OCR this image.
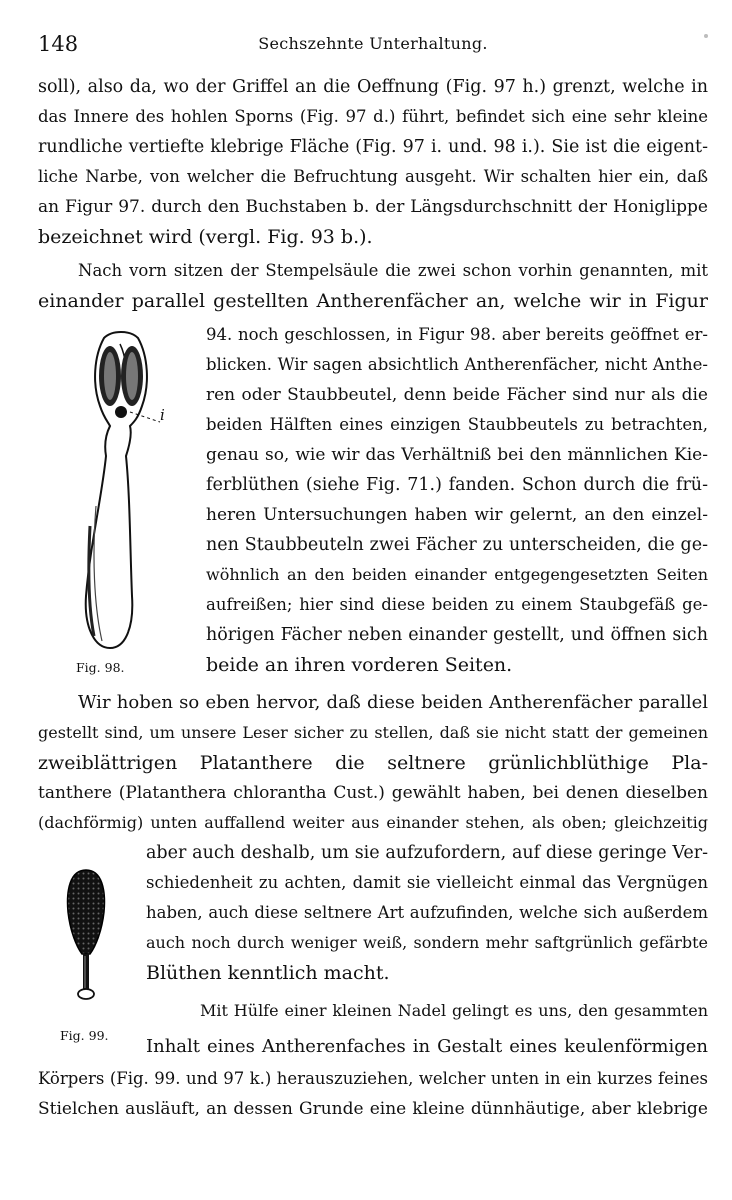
148	Sechszehnte Unterhaltung.
soll), also da, wo der Griffel an die Oeffnung (Fig. 97 h.) grenzt, welche in
das Innere des hohlen Sporns (Fig. 97 d.) führt, befindet sich eine sehr kleine
rundliche vertiefte klebrige Fläche (Fig. 97 i. und. 98 i.). Sie ist die eigent-
liche Narbe, von welcher die Befruchtung ausgeht. Wir schalten hier ein, daß
an Figur 97. durch den Buchstaben b. der Längsdurchschnitt der Honiglippe
bezeichnet wird (vergl. Fig. 93 b.).
Nach vorn sitzen der Stempelsäule die zwei schon vorhin genannten, mit
einander parallel gestellten Antherenfächer an, welche wir in Figur
i
Fig. 98.
94. noch geschlossen, in Figur 98. aber bereits geöffnet er-
blicken. Wir sagen absichtlich Antherenfächer, nicht Anthe-
ren oder Staubbeutel, denn beide Fächer sind nur als die
beiden Hälften eines einzigen Staubbeutels zu betrachten,
genau so, wie wir das Verhältniß bei den männlichen Kie-
ferblüthen (siehe Fig. 71.) fanden. Schon durch die frü-
heren Untersuchungen haben wir gelernt, an den einzel-
nen Staubbeuteln zwei Fächer zu unterscheiden, die ge-
wöhnlich an den beiden einander entgegengesetzten Seiten
aufreißen; hier sind diese beiden zu einem Staubgefäß ge-
hörigen Fächer neben einander gestellt, und öffnen sich
beide an ihren vorderen Seiten.
Wir hoben so eben hervor, daß diese beiden Antherenfächer parallel
gestellt sind, um unsere Leser sicher zu stellen, daß sie nicht statt der gemeinen
zweiblättrigen Platanthere die seltnere grünlichblüthige Pla-
tanthere (Platanthera chlorantha Cust.) gewählt haben, bei denen dieselben
(dachförmig) unten auffallend weiter aus einander stehen, als oben; gleichzeitig
Fig. 99.
aber auch deshalb, um sie aufzufordern, auf diese geringe Ver-
schiedenheit zu achten, damit sie vielleicht einmal das Vergnügen
haben, auch diese seltnere Art aufzufinden, welche sich außerdem
auch noch durch weniger weiß, sondern mehr saftgrünlich gefärbte
Blüthen kenntlich macht.
Mit Hülfe einer kleinen Nadel gelingt es uns, den gesammten
Inhalt eines Antherenfaches in Gestalt eines keulenförmigen
Körpers (Fig. 99. und 97 k.) herauszuziehen, welcher unten in ein kurzes feines
Stielchen ausläuft, an dessen Grunde eine kleine dünnhäutige, aber klebrige
